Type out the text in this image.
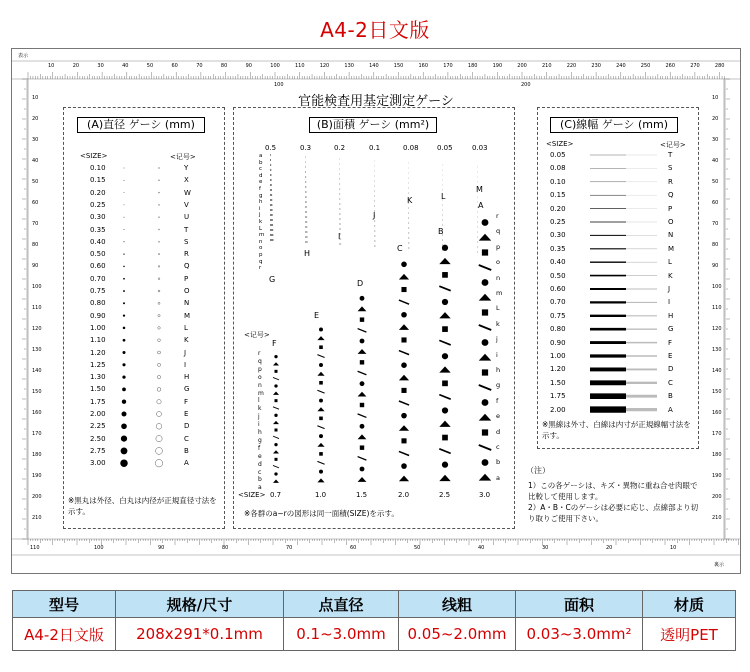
A4-2日文版
表示
裏示
官能検査用基定測定ゲーシ
(A)直径 ゲーシ (mm)
<SIZE>	<记号>
0.10	Y
0.15	X
0.20	W
0.25	V
0.30	U
0.35	T
0.40	S
0.50	R
0.60	Q
0.70	P
0.75	O
0.80	N
0.90	M
1.00	L
1.10	K
1.20	J
1.25	I
1.30	H
1.50	G
1.75	F
2.00	E
2.25	D
2.50	C
2.75	B
3.00	A
※黒丸は外径、白丸は内径が正規直径寸法を示す。
(B)面積 ゲーシ (mm²)
<记号>
<SIZE>
※各群のa~rの図形は同一面積(SIZE)を示す。
0.5	0.3	0.2	0.1	0.08	0.05	0.03
G
H
I
J
K	L
M
a
b
c
d
e
f
g
h
i
j
k
L
m
n
o
p
q
r
F
E
D
C
B
A
r
q
p
o
n
m
l
k
j
i
h
g
f
e
d
c
b
a
r
q
p
o
n
m
L
k
j
i
h
g
f
e
d
c
b
a
0.7	1.0	1.5	2.0	2.5	3.0
(C)線幅 ゲーシ (mm)
<SIZE>	<记号>
0.05	T
0.08	S
0.10	R
0.15	Q
0.20	P
0.25	O
0.30	N
0.35	M
0.40	L
0.50	K
0.60	J
0.70	I
0.75	H
0.80	G
0.90	F
1.00	E
1.20	D
1.50	C
1.75	B
2.00	A
※黒線は外寸、白線は内寸が正規線幅寸法を示す。
（注）
1）この各ゲーシは、キズ・異物に重ね合せ肉眼で比較して使用します。
2）A・B・Cのゲーシは必要に応じ、点線部より切り取りご使用下さい。
10	20	30	40	50	60	70	80	90	100	110	120	130	140	150	160	170	180	190	200	210	220	230	240	250	260	270	280
100	200
10
20
30
40
50
60
70
80
90
100
110
120
130
140
150
160
170
180
190
200
210
10
20
30
40
50
60
70
80
90
100
110
120
130
140
150
160
170
180
190
200
210
110	100	90	80	70	60	50	40	30	20	10
型号	规格/尺寸	点直径	线粗	面积	材质
A4-2日文版	208x291*0.1mm	0.1~3.0mm	0.05~2.0mm	0.03~3.0mm²	透明PET
